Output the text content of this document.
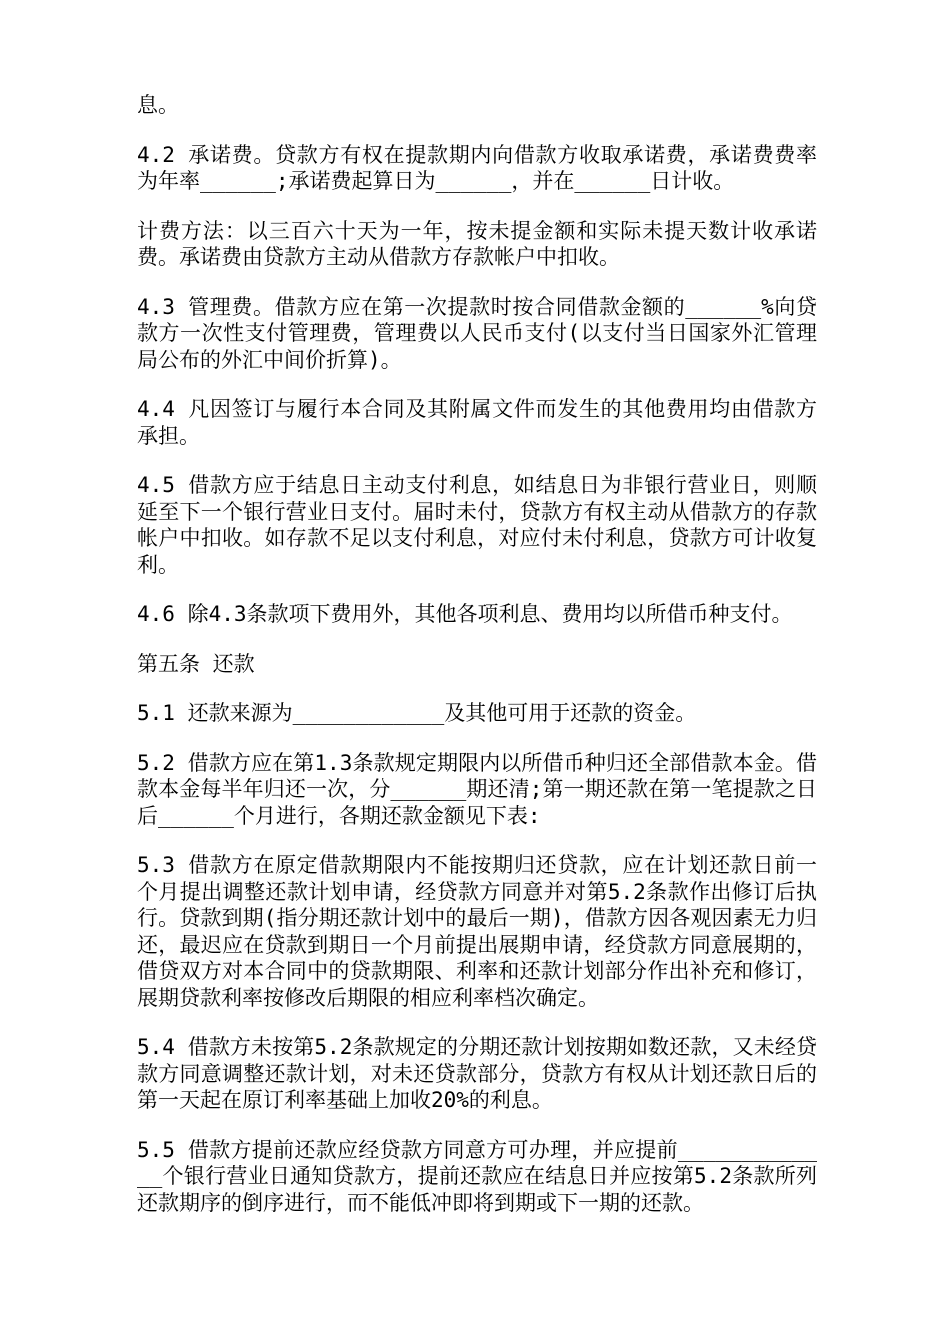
息。

4.2 承诺费。贷款方有权在提款期内向借款方收取承诺费，承诺费费率为年率______;承诺费起算日为______，并在______日计收。

计费方法：以三百六十天为一年，按未提金额和实际未提天数计收承诺费。承诺费由贷款方主动从借款方存款帐户中扣收。

4.3 管理费。借款方应在第一次提款时按合同借款金额的______%向贷款方一次性支付管理费，管理费以人民币支付(以支付当日国家外汇管理局公布的外汇中间价折算)。

4.4 凡因签订与履行本合同及其附属文件而发生的其他费用均由借款方承担。

4.5 借款方应于结息日主动支付利息，如结息日为非银行营业日，则顺延至下一个银行营业日支付。届时未付，贷款方有权主动从借款方的存款帐户中扣收。如存款不足以支付利息，对应付未付利息，贷款方可计收复利。

4.6 除4.3条款项下费用外，其他各项利息、费用均以所借币种支付。

第五条 还款

5.1 还款来源为____________及其他可用于还款的资金。

5.2 借款方应在第1.3条款规定期限内以所借币种归还全部借款本金。借款本金每半年归还一次，分______期还清;第一期还款在第一笔提款之日后______个月进行，各期还款金额见下表:

5.3 借款方在原定借款期限内不能按期归还贷款，应在计划还款日前一个月提出调整还款计划申请，经贷款方同意并对第5.2条款作出修订后执行。贷款到期(指分期还款计划中的最后一期)，借款方因各观因素无力归还，最迟应在贷款到期日一个月前提出展期申请，经贷款方同意展期的，借贷双方对本合同中的贷款期限、利率和还款计划部分作出补充和修订，展期贷款利率按修改后期限的相应利率档次确定。

5.4 借款方未按第5.2条款规定的分期还款计划按期如数还款，又未经贷款方同意调整还款计划，对未还贷款部分，贷款方有权从计划还款日后的第一天起在原订利率基础上加收20%的利息。

5.5 借款方提前还款应经贷款方同意方可办理，并应提前_____________个银行营业日通知贷款方，提前还款应在结息日并应按第5.2条款所列还款期序的倒序进行，而不能低冲即将到期或下一期的还款。
